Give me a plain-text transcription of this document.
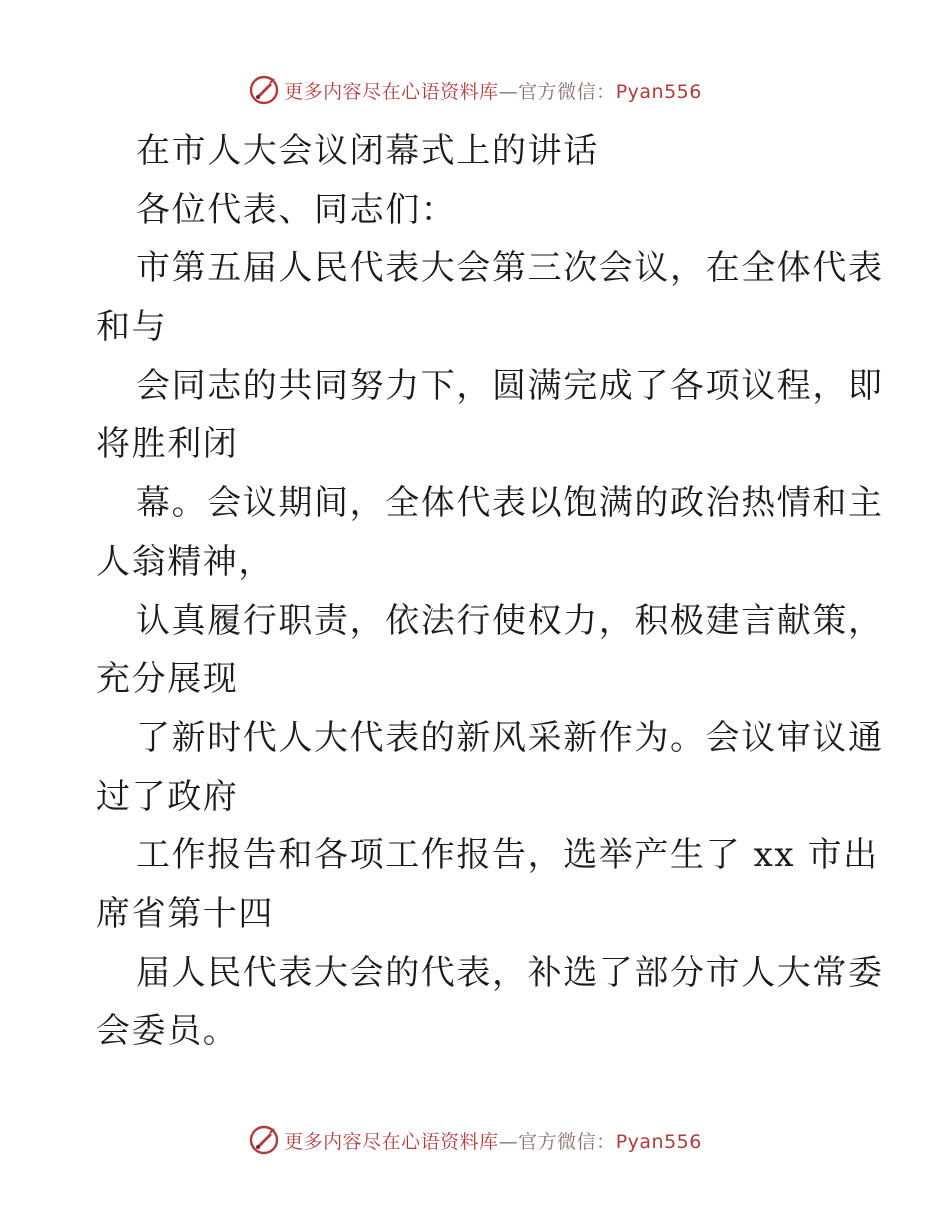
更多内容尽在心语资料库—官方微信：Pyan556
在市人大会议闭幕式上的讲话
各位代表、同志们：
市第五届人民代表大会第三次会议，在全体代表
和与
会同志的共同努力下，圆满完成了各项议程，即
将胜利闭
幕。会议期间，全体代表以饱满的政治热情和主
人翁精神，
认真履行职责，依法行使权力，积极建言献策，
充分展现
了新时代人大代表的新风采新作为。会议审议通
过了政府
工作报告和各项工作报告，选举产生了 xx 市出
席省第十四
届人民代表大会的代表，补选了部分市人大常委
会委员。
更多内容尽在心语资料库—官方微信：Pyan556
